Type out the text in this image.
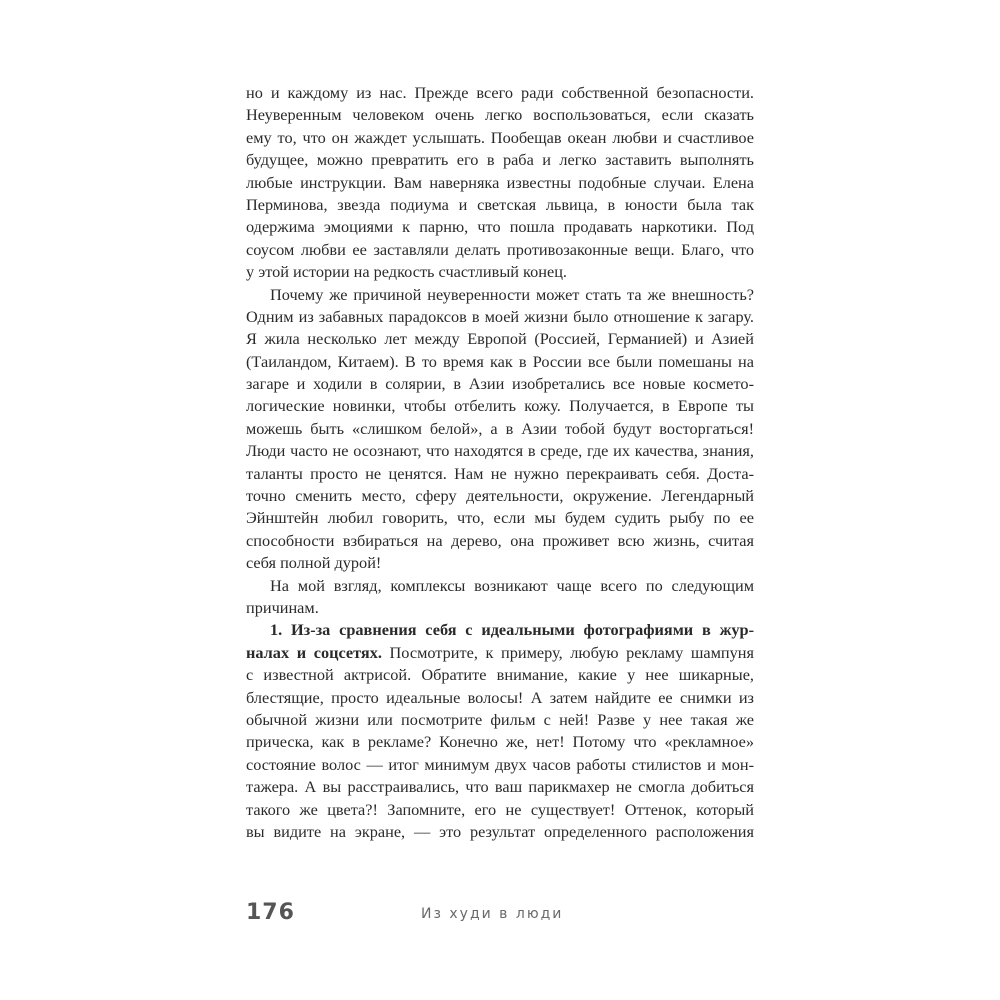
но и каждому из нас. Прежде всего ради собственной безопасности.
Неуверенным человеком очень легко воспользоваться, если сказать
ему то, что он жаждет услышать. Пообещав океан любви и счастливое
будущее, можно превратить его в раба и легко заставить выполнять
любые инструкции. Вам наверняка известны подобные случаи. Елена
Перминова, звезда подиума и светская львица, в юности была так
одержима эмоциями к парню, что пошла продавать наркотики. Под
соусом любви ее заставляли делать противозаконные вещи. Благо, что
у этой истории на редкость счастливый конец.
Почему же причиной неуверенности может стать та же внешность?
Одним из забавных парадоксов в моей жизни было отношение к загару.
Я жила несколько лет между Европой (Россией, Германией) и Азией
(Таиландом, Китаем). В то время как в России все были помешаны на
загаре и ходили в солярии, в Азии изобретались все новые космето-
логические новинки, чтобы отбелить кожу. Получается, в Европе ты
можешь быть «слишком белой», а в Азии тобой будут восторгаться!
Люди часто не осознают, что находятся в среде, где их качества, знания,
таланты просто не ценятся. Нам не нужно перекраивать себя. Доста-
точно сменить место, сферу деятельности, окружение. Легендарный
Эйнштейн любил говорить, что, если мы будем судить рыбу по ее
способности взбираться на дерево, она проживет всю жизнь, считая
себя полной дурой!
На мой взгляд, комплексы возникают чаще всего по следующим
причинам.
1. Из-за сравнения себя с идеальными фотографиями в жур-
налах и соцсетях. Посмотрите, к примеру, любую рекламу шампуня
с известной актрисой. Обратите внимание, какие у нее шикарные,
блестящие, просто идеальные волосы! А затем найдите ее снимки из
обычной жизни или посмотрите фильм с ней! Разве у нее такая же
прическа, как в рекламе? Конечно же, нет! Потому что «рекламное»
состояние волос — итог минимум двух часов работы стилистов и мон-
тажера. А вы расстраивались, что ваш парикмахер не смогла добиться
такого же цвета?! Запомните, его не существует! Оттенок, который
вы видите на экране, — это результат определенного расположения
176	Из худи в люди
